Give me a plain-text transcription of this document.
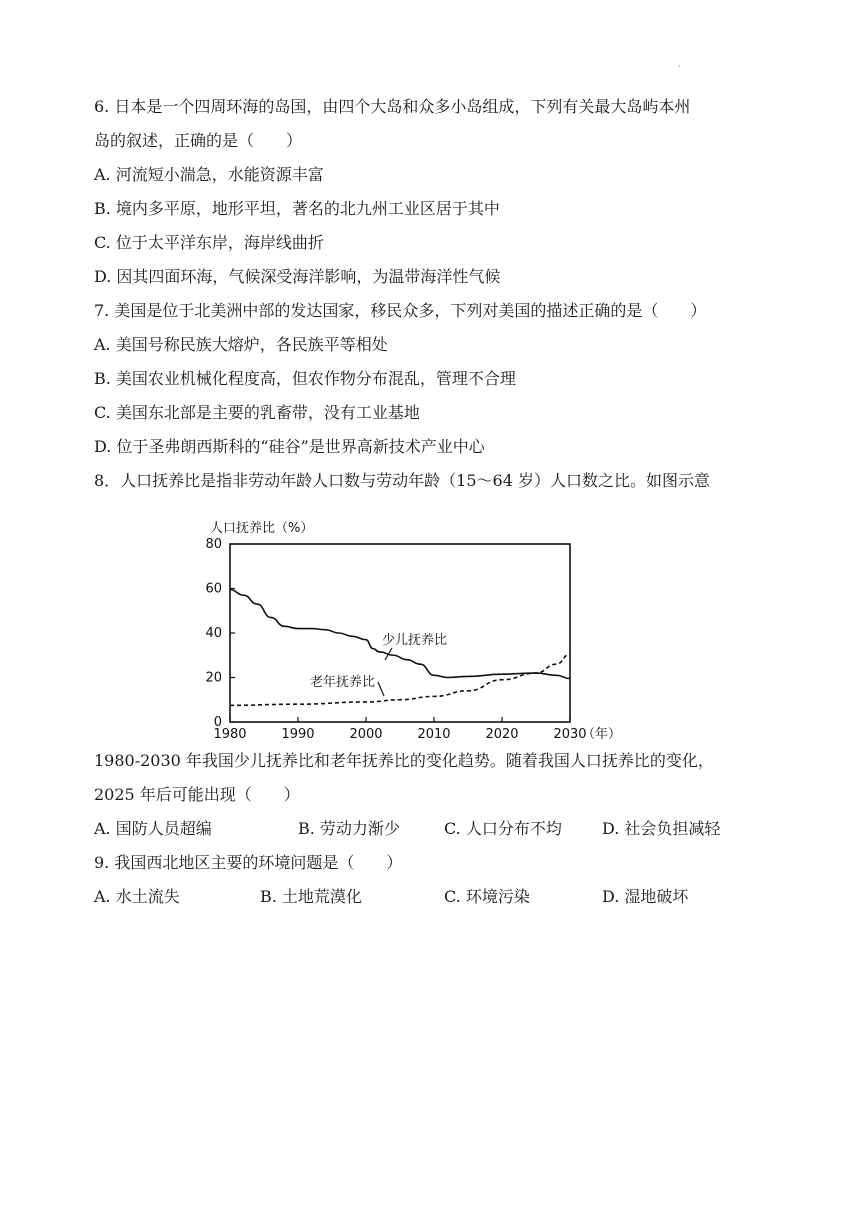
·
6. 日本是一个四周环海的岛国，由四个大岛和众多小岛组成，下列有关最大岛屿本州
岛的叙述，正确的是（　　）
A. 河流短小湍急，水能资源丰富
B. 境内多平原，地形平坦，著名的北九州工业区居于其中
C. 位于太平洋东岸，海岸线曲折
D. 因其四面环海，气候深受海洋影响，为温带海洋性气候
7. 美国是位于北美洲中部的发达国家，移民众多，下列对美国的描述正确的是（　　）
A. 美国号称民族大熔炉，各民族平等相处
B. 美国农业机械化程度高，但农作物分布混乱，管理不合理
C. 美国东北部是主要的乳畜带，没有工业基地
D. 位于圣弗朗西斯科的“硅谷”是世界高新技术产业中心
8．人口抚养比是指非劳动年龄人口数与劳动年龄（15～64 岁）人口数之比。如图示意
人口抚养比（%）
0
20
40
60
80
1980	1990	2000	2010	2020	2030
（年）
少儿抚养比
老年抚养比
1980-2030 年我国少儿抚养比和老年抚养比的变化趋势。随着我国人口抚养比的变化，
2025 年后可能出现（　　）
A. 国防人员超编	B. 劳动力渐少	C. 人口分布不均	D. 社会负担减轻
9. 我国西北地区主要的环境问题是（　　）
A. 水土流失	B. 土地荒漠化	C. 环境污染	D. 湿地破坏
